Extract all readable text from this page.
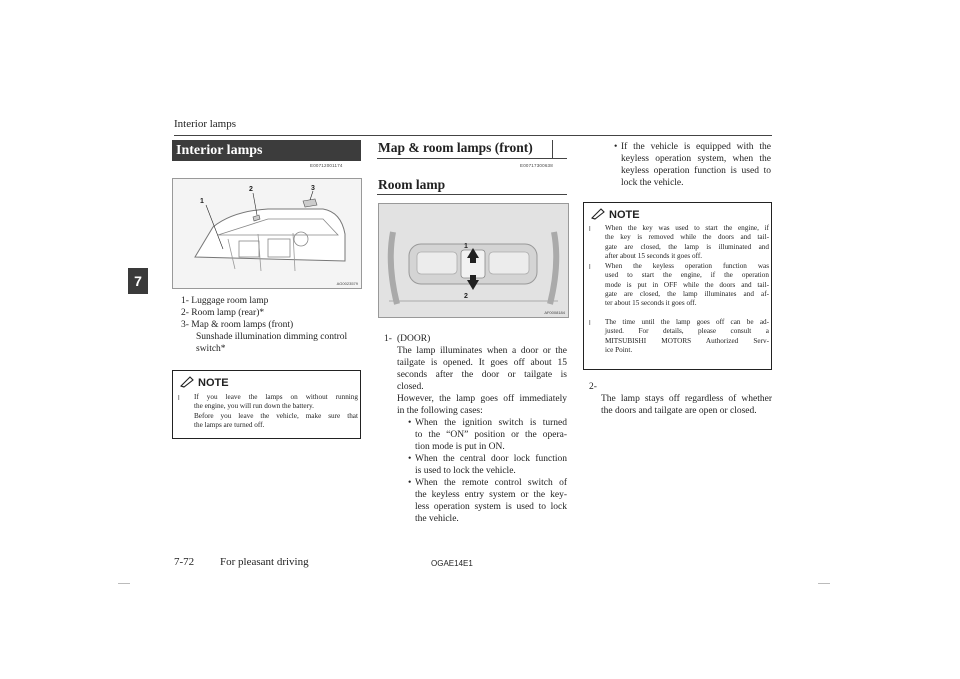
Interior lamps
7
Interior lamps
E00712001174
1
2	3
AG0023579
1- Luggage room lamp
2- Room lamp (rear)*
3- Map & room lamps (front)
Sunshade illumination dimming control
switch*
NOTE
l If you leave the lamps on without running
the engine, you will run down the battery.
Before you leave the vehicle, make sure that
the lamps are turned off.
Map & room lamps (front)
E00717300638
Room lamp
1
2
AF0008184
1- (DOOR)
The lamp illuminates when a door or the
tailgate is opened. It goes off about 15
seconds after the door or tailgate is
closed.
However, the lamp goes off immediately
in the following cases:
• When the ignition switch is turned
to the “ON” position or the opera-
tion mode is put in ON.
• When the central door lock function
is used to lock the vehicle.
• When the remote control switch of
the keyless entry system or the key-
less operation system is used to lock
the vehicle.
• If the vehicle is equipped with the
keyless operation system, when the
keyless operation function is used to
lock the vehicle.
NOTE
l When the key was used to start the engine, if
the key is removed while the doors and tail-
gate are closed, the lamp is illuminated and
after about 15 seconds it goes off.
l When the keyless operation function was
used to start the engine, if the operation
mode is put in OFF while the doors and tail-
gate are closed, the lamp illuminates and af-
ter about 15 seconds it goes off.
l The time until the lamp goes off can be ad-
justed. For details, please consult a
MITSUBISHI MOTORS Authorized Serv-
ice Point.
2-
The lamp stays off regardless of whether
the doors and tailgate are open or closed.
7-72 For pleasant driving	OGAE14E1
